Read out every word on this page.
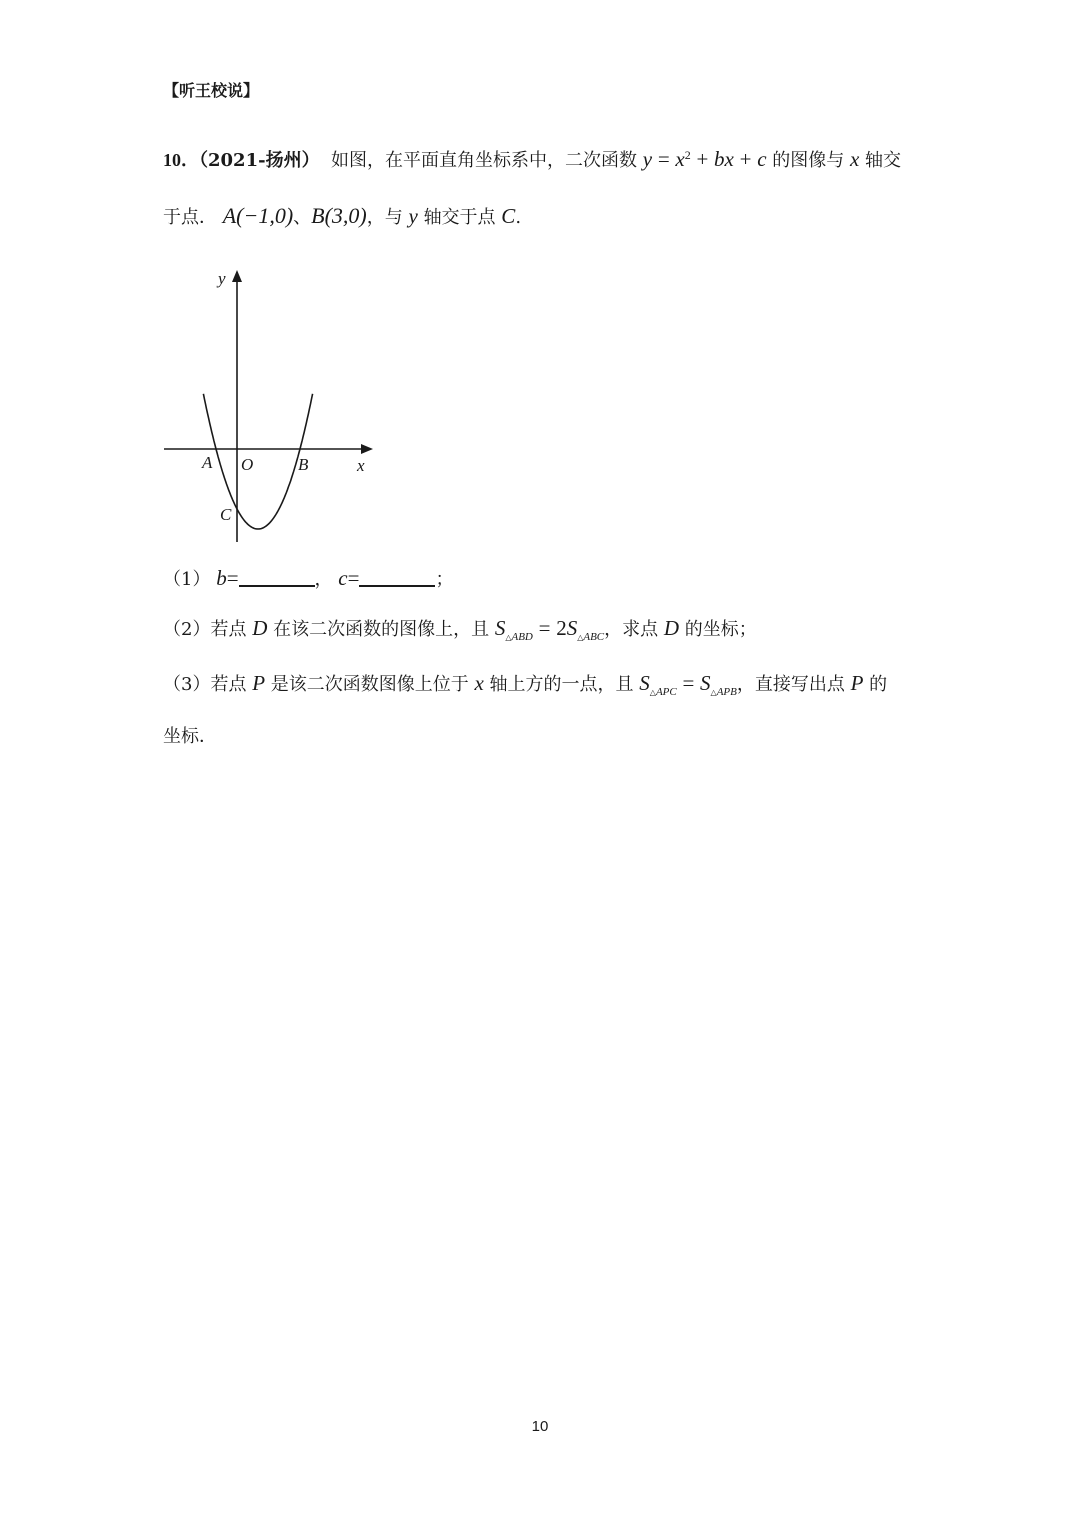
【听王校说】
10．（2021-扬州） 如图，在平面直角坐标系中，二次函数 $y = x^2$ + bx + c 的图像与 x 轴交
于点． A(−1,0)、B(3,0)，与 y 轴交于点 C.
y
x
A O	B
C
（1） b=	， c=	；
（2）若点 D 在该二次函数的图像上，且 $S_{\triangle ABD} = 2S_{\triangle ABC}$，求点 D 的坐标；
（3）若点 P 是该二次函数图像上位于 x 轴上方的一点，且 $S_{\triangle APC} = S_{\triangle APB}$，直接写出点 P 的
坐标．
10
